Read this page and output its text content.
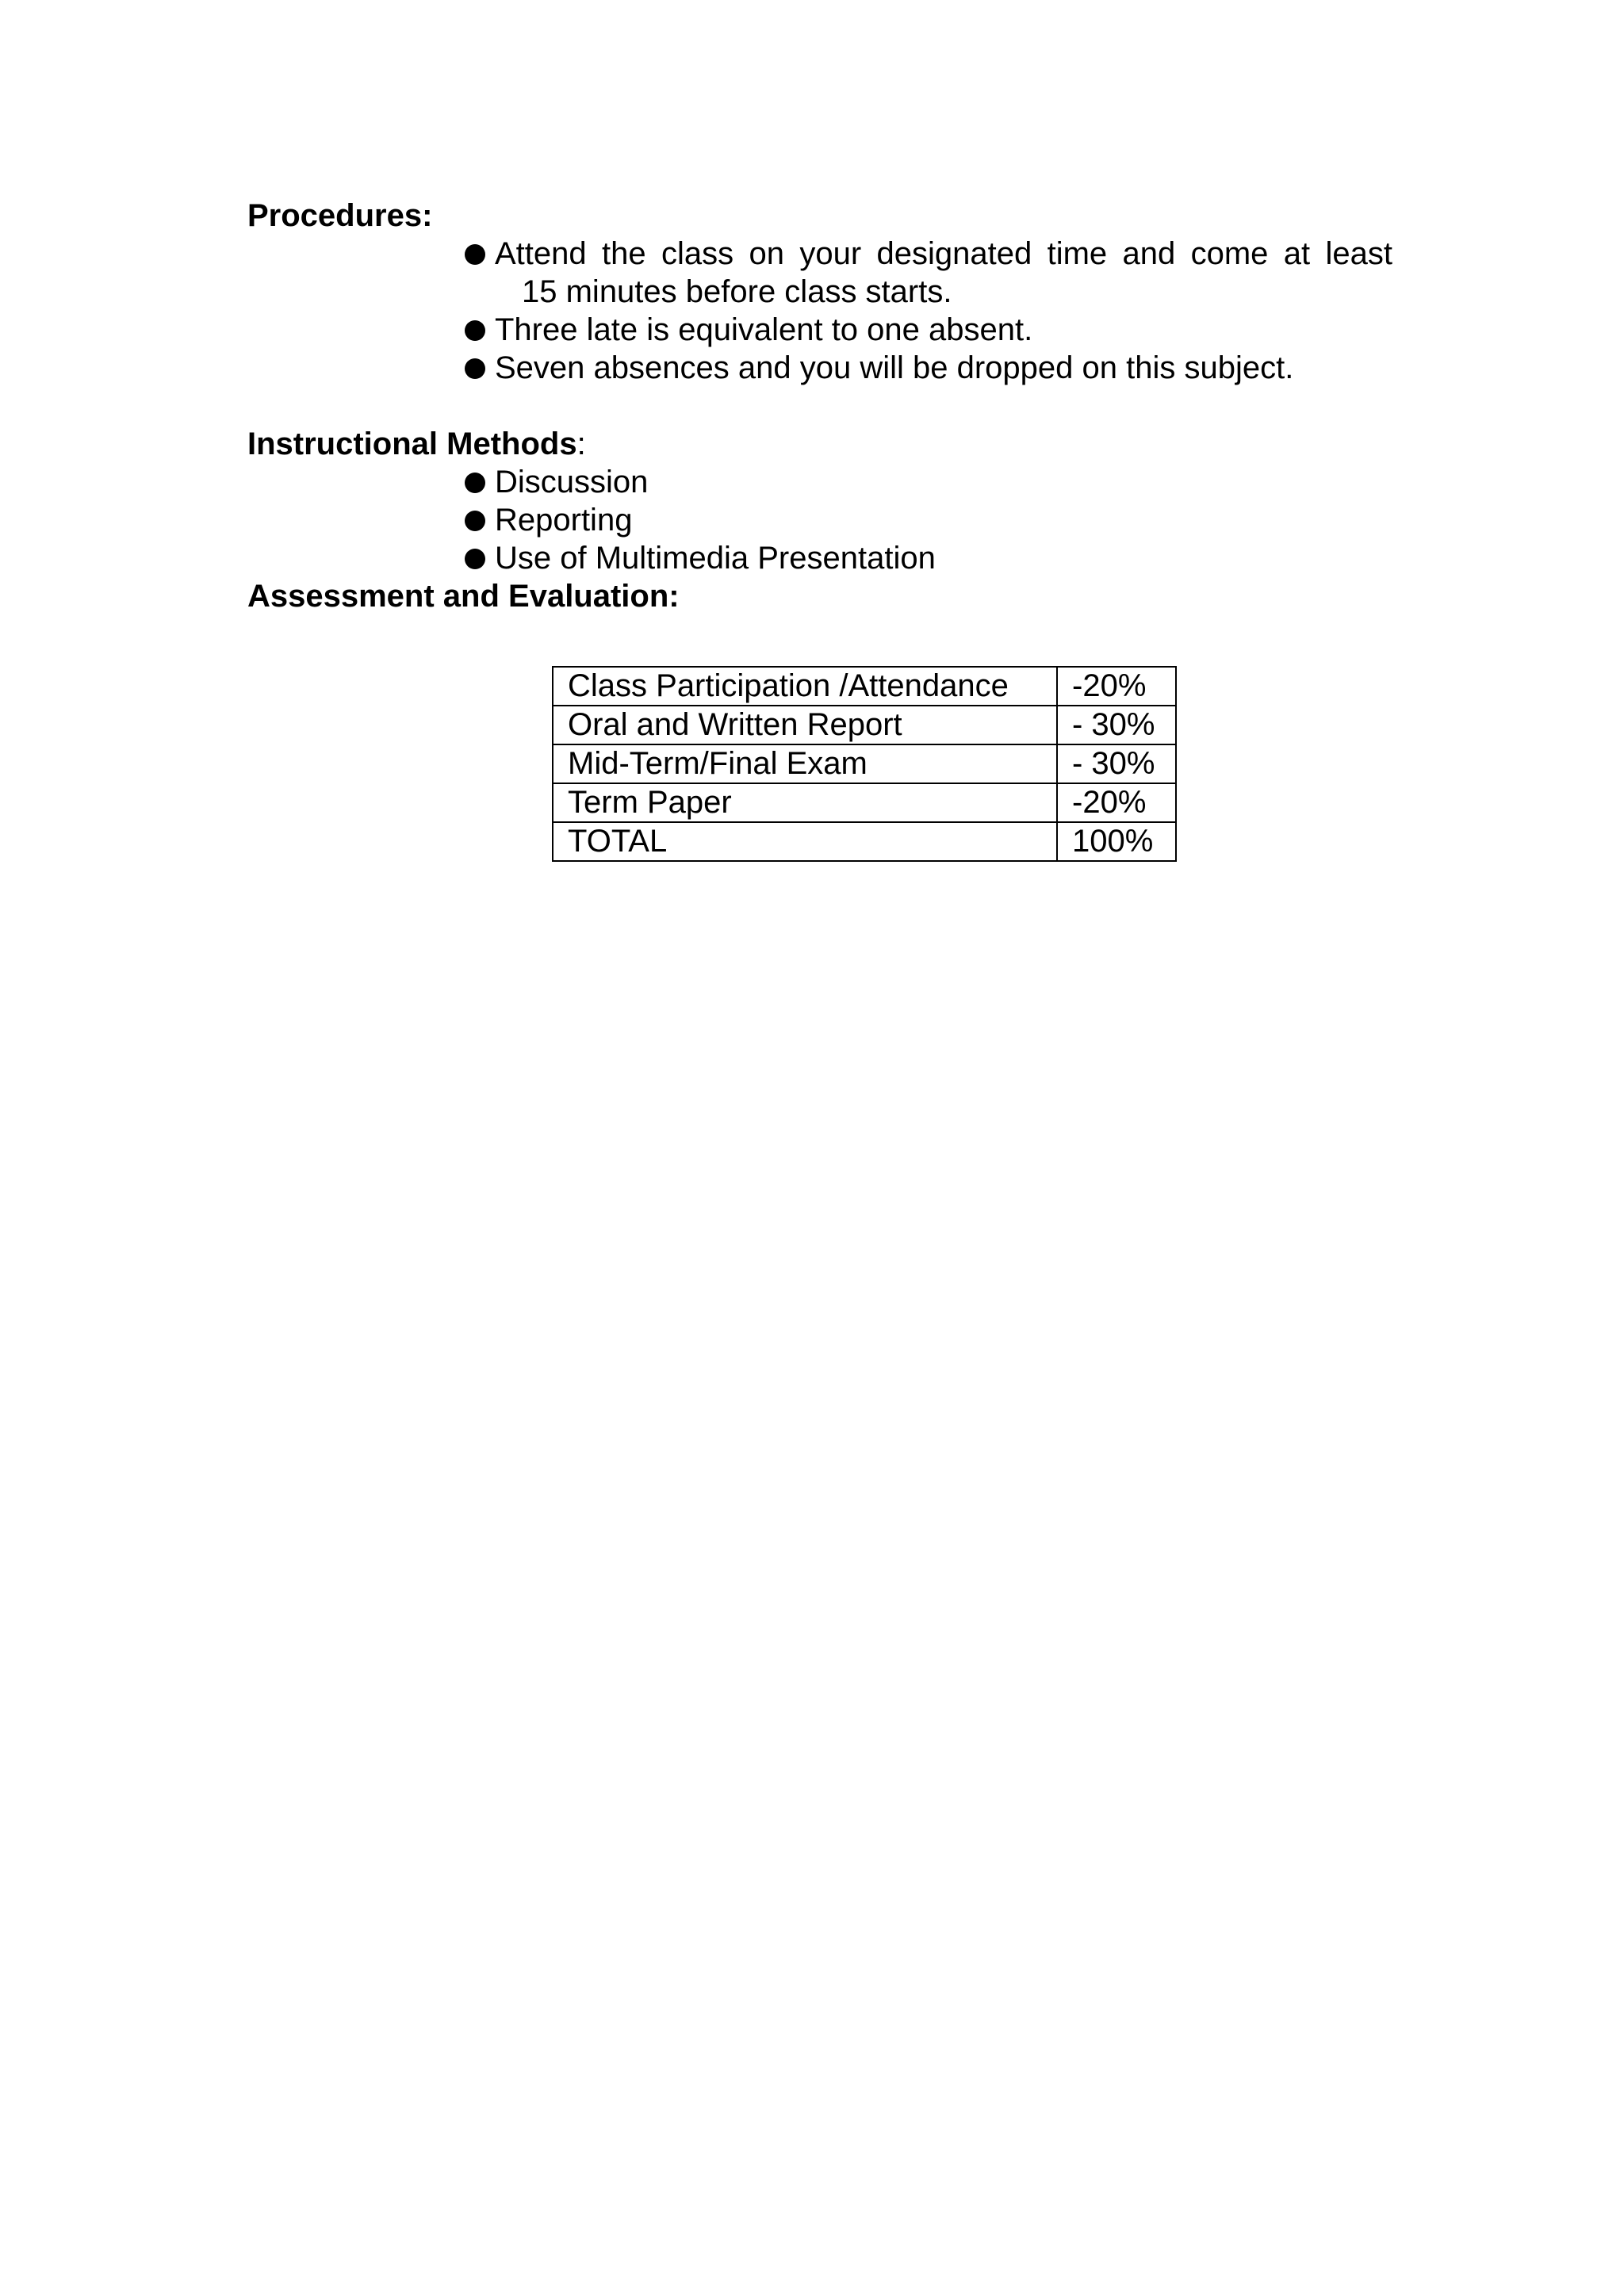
Procedures:
Attend the class on your designated time and come at least
15 minutes before class starts.
Three late is equivalent to one absent.
Seven absences and you will be dropped on this subject.
Instructional Methods:
Discussion
Reporting
Use of Multimedia Presentation
Assessment and Evaluation:
Class Participation /Attendance	-20%
Oral and Written Report	- 30%
Mid-Term/Final Exam	- 30%
Term Paper	-20%
TOTAL	100%
